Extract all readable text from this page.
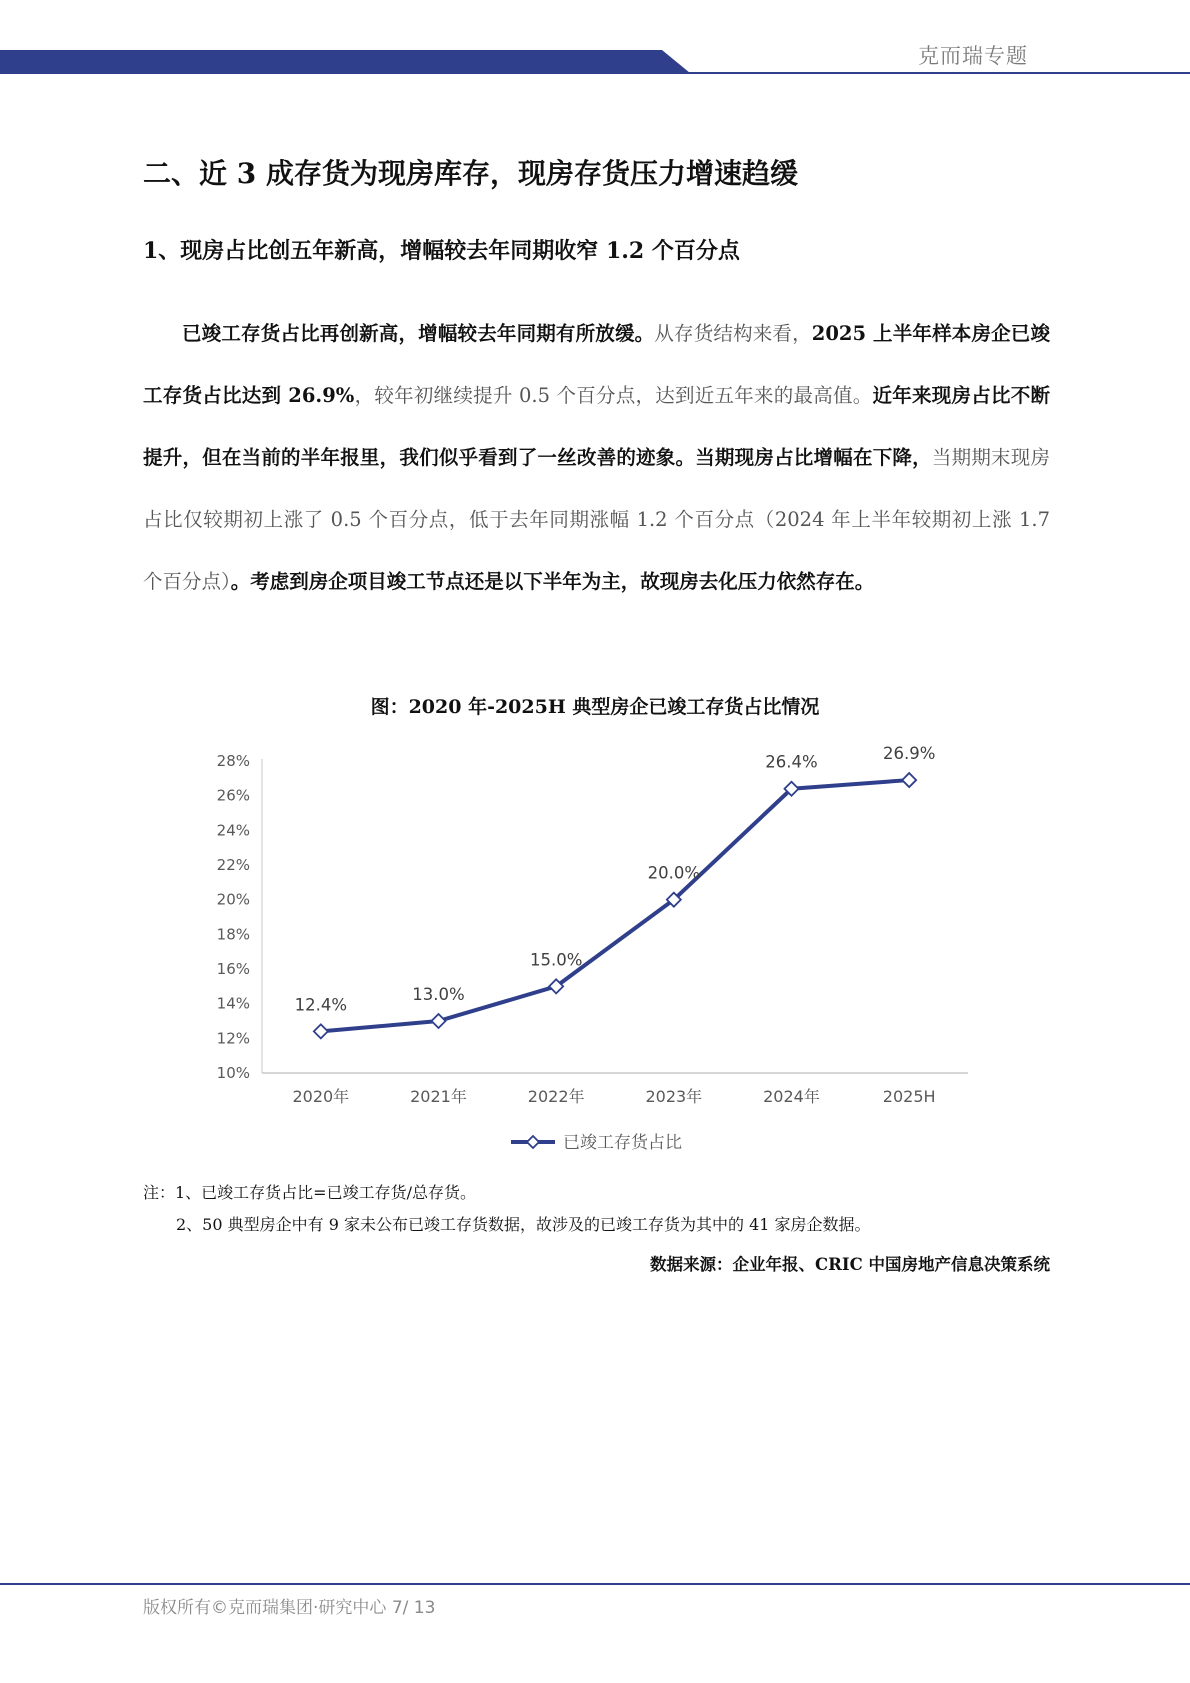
克而瑞专题
二、近 3 成存货为现房库存，现房存货压力增速趋缓
1、现房占比创五年新高，增幅较去年同期收窄 1.2 个百分点

已竣工存货占比再创新高，增幅较去年同期有所放缓。从存货结构来看，2025 上半年样本房企已竣工存货占比达到 26.9%，较年初继续提升 0.5 个百分点，达到近五年来的最高值。近年来现房占比不断提升，但在当前的半年报里，我们似乎看到了一丝改善的迹象。当期现房占比增幅在下降，当期期末现房占比仅较期初上涨了 0.5 个百分点，低于去年同期涨幅 1.2 个百分点（2024 年上半年较期初上涨 1.7 个百分点）。考虑到房企项目竣工节点还是以下半年为主，故现房去化压力依然存在。

图：2020 年-2025H 典型房企已竣工存货占比情况
10%
12%
14%
16%
18%
20%
22%
24%
26%
28%
2020年	2021年	2022年	2023年	2024年	2025H
12.4%
13.0%
15.0%
20.0%
26.4%	26.9%
已竣工存货占比
注：1、已竣工存货占比=已竣工存货/总存货。
2、50 典型房企中有 9 家未公布已竣工存货数据，故涉及的已竣工存货为其中的 41 家房企数据。
数据来源：企业年报、CRIC 中国房地产信息决策系统
版权所有©克而瑞集团·研究中心 7/ 13
